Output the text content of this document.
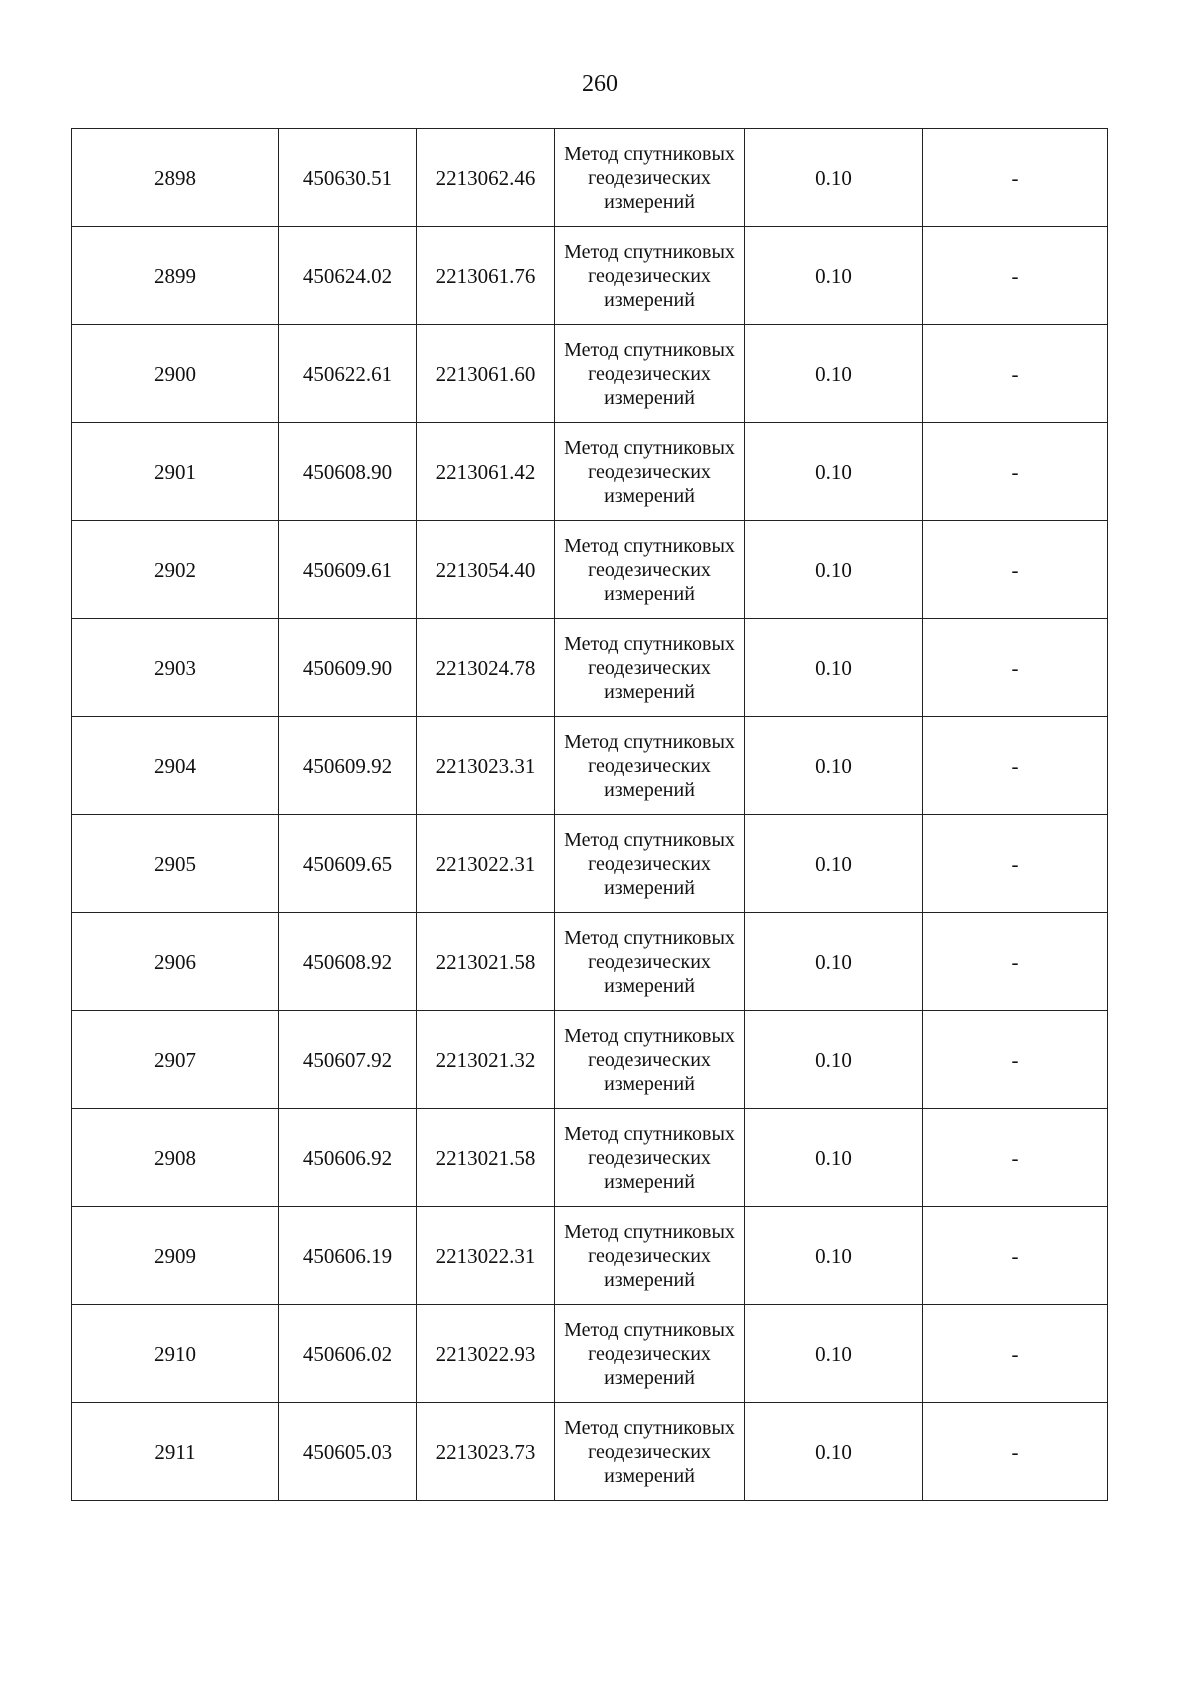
260
2898	450630.51	2213062.46	Метод спутниковых геодезических измерений	0.10	-
2899	450624.02	2213061.76	Метод спутниковых геодезических измерений	0.10	-
2900	450622.61	2213061.60	Метод спутниковых геодезических измерений	0.10	-
2901	450608.90	2213061.42	Метод спутниковых геодезических измерений	0.10	-
2902	450609.61	2213054.40	Метод спутниковых геодезических измерений	0.10	-
2903	450609.90	2213024.78	Метод спутниковых геодезических измерений	0.10	-
2904	450609.92	2213023.31	Метод спутниковых геодезических измерений	0.10	-
2905	450609.65	2213022.31	Метод спутниковых геодезических измерений	0.10	-
2906	450608.92	2213021.58	Метод спутниковых геодезических измерений	0.10	-
2907	450607.92	2213021.32	Метод спутниковых геодезических измерений	0.10	-
2908	450606.92	2213021.58	Метод спутниковых геодезических измерений	0.10	-
2909	450606.19	2213022.31	Метод спутниковых геодезических измерений	0.10	-
2910	450606.02	2213022.93	Метод спутниковых геодезических измерений	0.10	-
2911	450605.03	2213023.73	Метод спутниковых геодезических измерений	0.10	-
